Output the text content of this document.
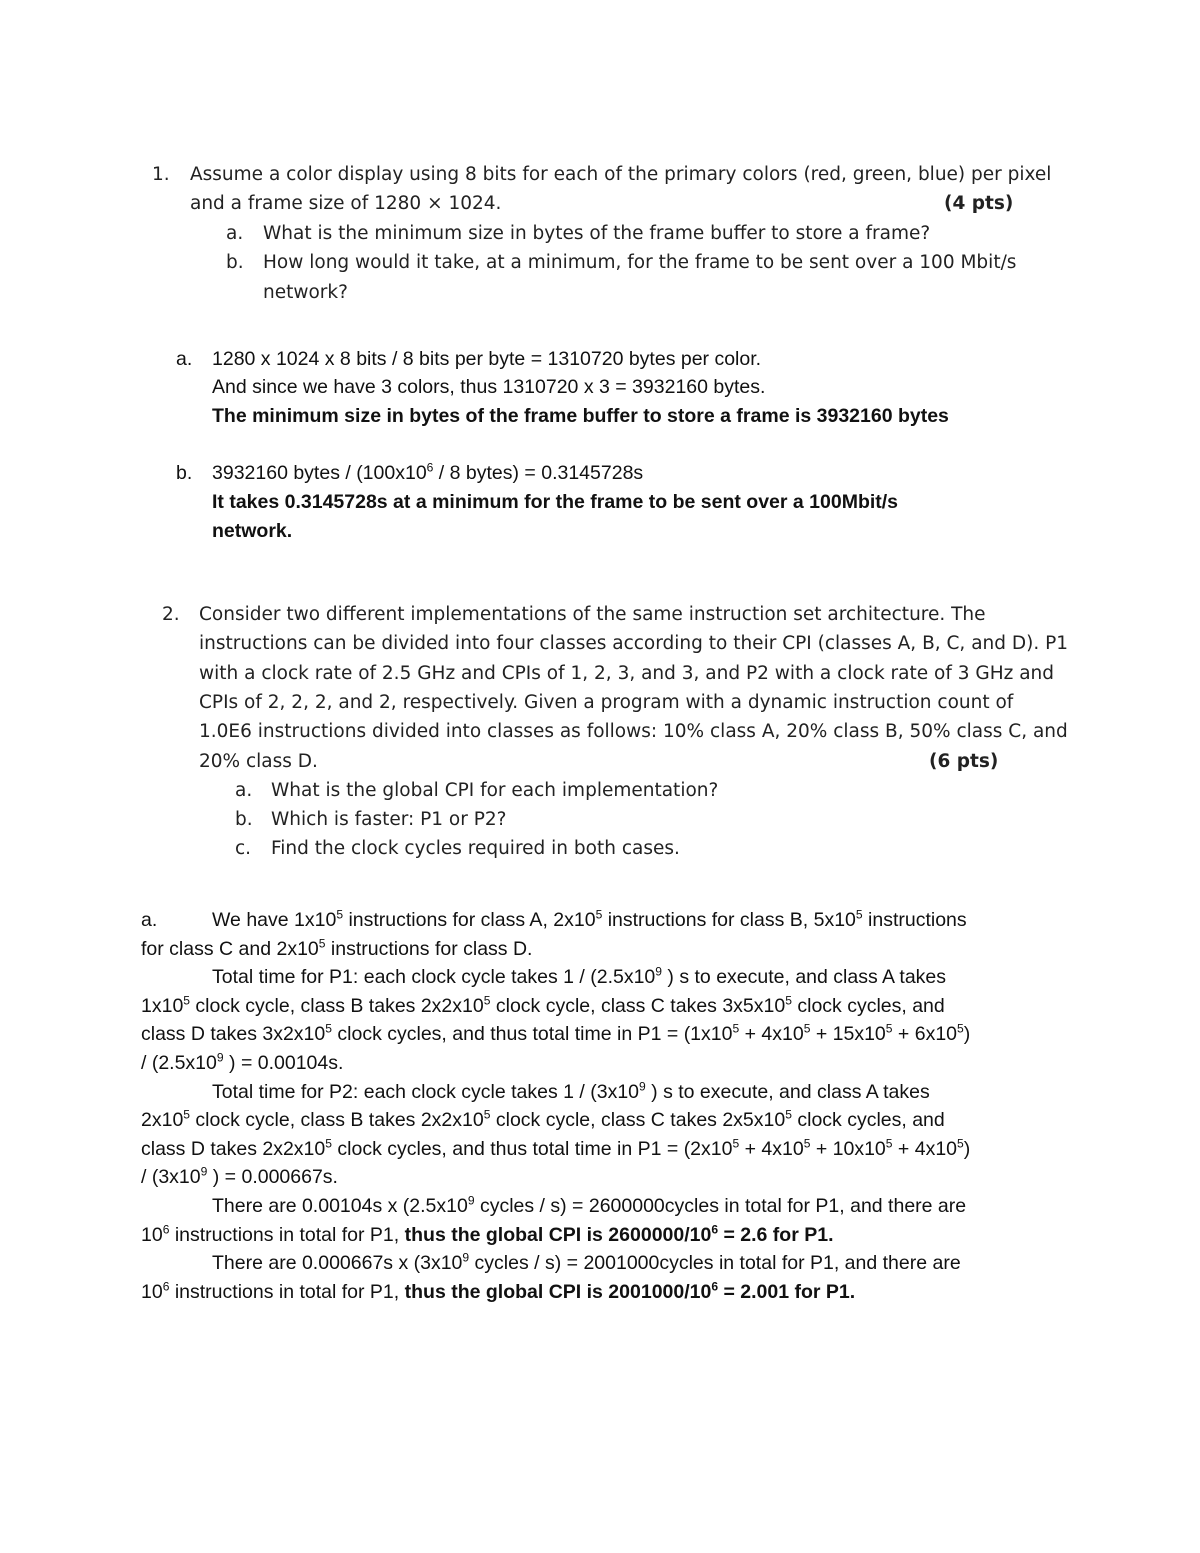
1. Assume a color display using 8 bits for each of the primary colors (red, green, blue) per pixel
and a frame size of 1280 × 1024.	(4 pts)
a. What is the minimum size in bytes of the frame buffer to store a frame?
b. How long would it take, at a minimum, for the frame to be sent over a 100 Mbit/s
network?
a. 1280 x 1024 x 8 bits / 8 bits per byte = 1310720 bytes per color.
And since we have 3 colors, thus 1310720 x 3 = 3932160 bytes.
The minimum size in bytes of the frame buffer to store a frame is 3932160 bytes
b. 3932160 bytes / ($100x10^6 / 8$ bytes) = 0.3145728s
It takes 0.3145728s at a minimum for the frame to be sent over a 100Mbit/s
network.
2. Consider two different implementations of the same instruction set architecture. The
instructions can be divided into four classes according to their CPI (classes A, B, C, and D). P1
with a clock rate of 2.5 GHz and CPIs of 1, 2, 3, and 3, and P2 with a clock rate of 3 GHz and
CPIs of 2, 2, 2, and 2, respectively. Given a program with a dynamic instruction count of
1.0E6 instructions divided into classes as follows: 10% class A, 20% class B, 50% class C, and
20% class D.	(6 pts)
a. What is the global CPI for each implementation?
b. Which is faster: P1 or P2?
c. Find the clock cycles required in both cases.
a.	We have $1x10^5$ instructions for class A, $2x10^5$ instructions for class B, $5x10^5$ instructions
for class C and $2x10^5$ instructions for class D.
Total time for P1: each clock cycle takes $1 / (2.5x10^9$ ) s to execute, and class A takes
$1x10^5$ clock cycle, class B takes $2x2x10^5$ clock cycle, class C takes $3x5x10^5$ clock cycles, and
class D takes $3x2x10^5$ clock cycles, and thus total time in $P1 = (1x10^5 + 4x10^5 + 15x10^5 + 6x10^5)$
/ ($2.5x10^9$ ) = 0.00104s.
Total time for P2: each clock cycle takes $1 / (3x10^9$ ) s to execute, and class A takes
$2x10^5$ clock cycle, class B takes $2x2x10^5$ clock cycle, class C takes $2x5x10^5$ clock cycles, and
class D takes $2x2x10^5$ clock cycles, and thus total time in $P1 = (2x10^5 + 4x10^5 + 10x10^5 + 4x10^5)$
/ ($3x10^9$ ) = 0.000667s.
There are 0.00104s x ($2.5x10^9$ cycles / s) = 2600000cycles in total for P1, and there are
$10^6$ instructions in total for P1, thus the global CPI is $2600000/10^6 = 2.6$ for P1.
There are 0.000667s x ($3x10^9$ cycles / s) = 2001000cycles in total for P1, and there are
$10^6$ instructions in total for P1, thus the global CPI is $2001000/10^6 = 2.001$ for P1.
